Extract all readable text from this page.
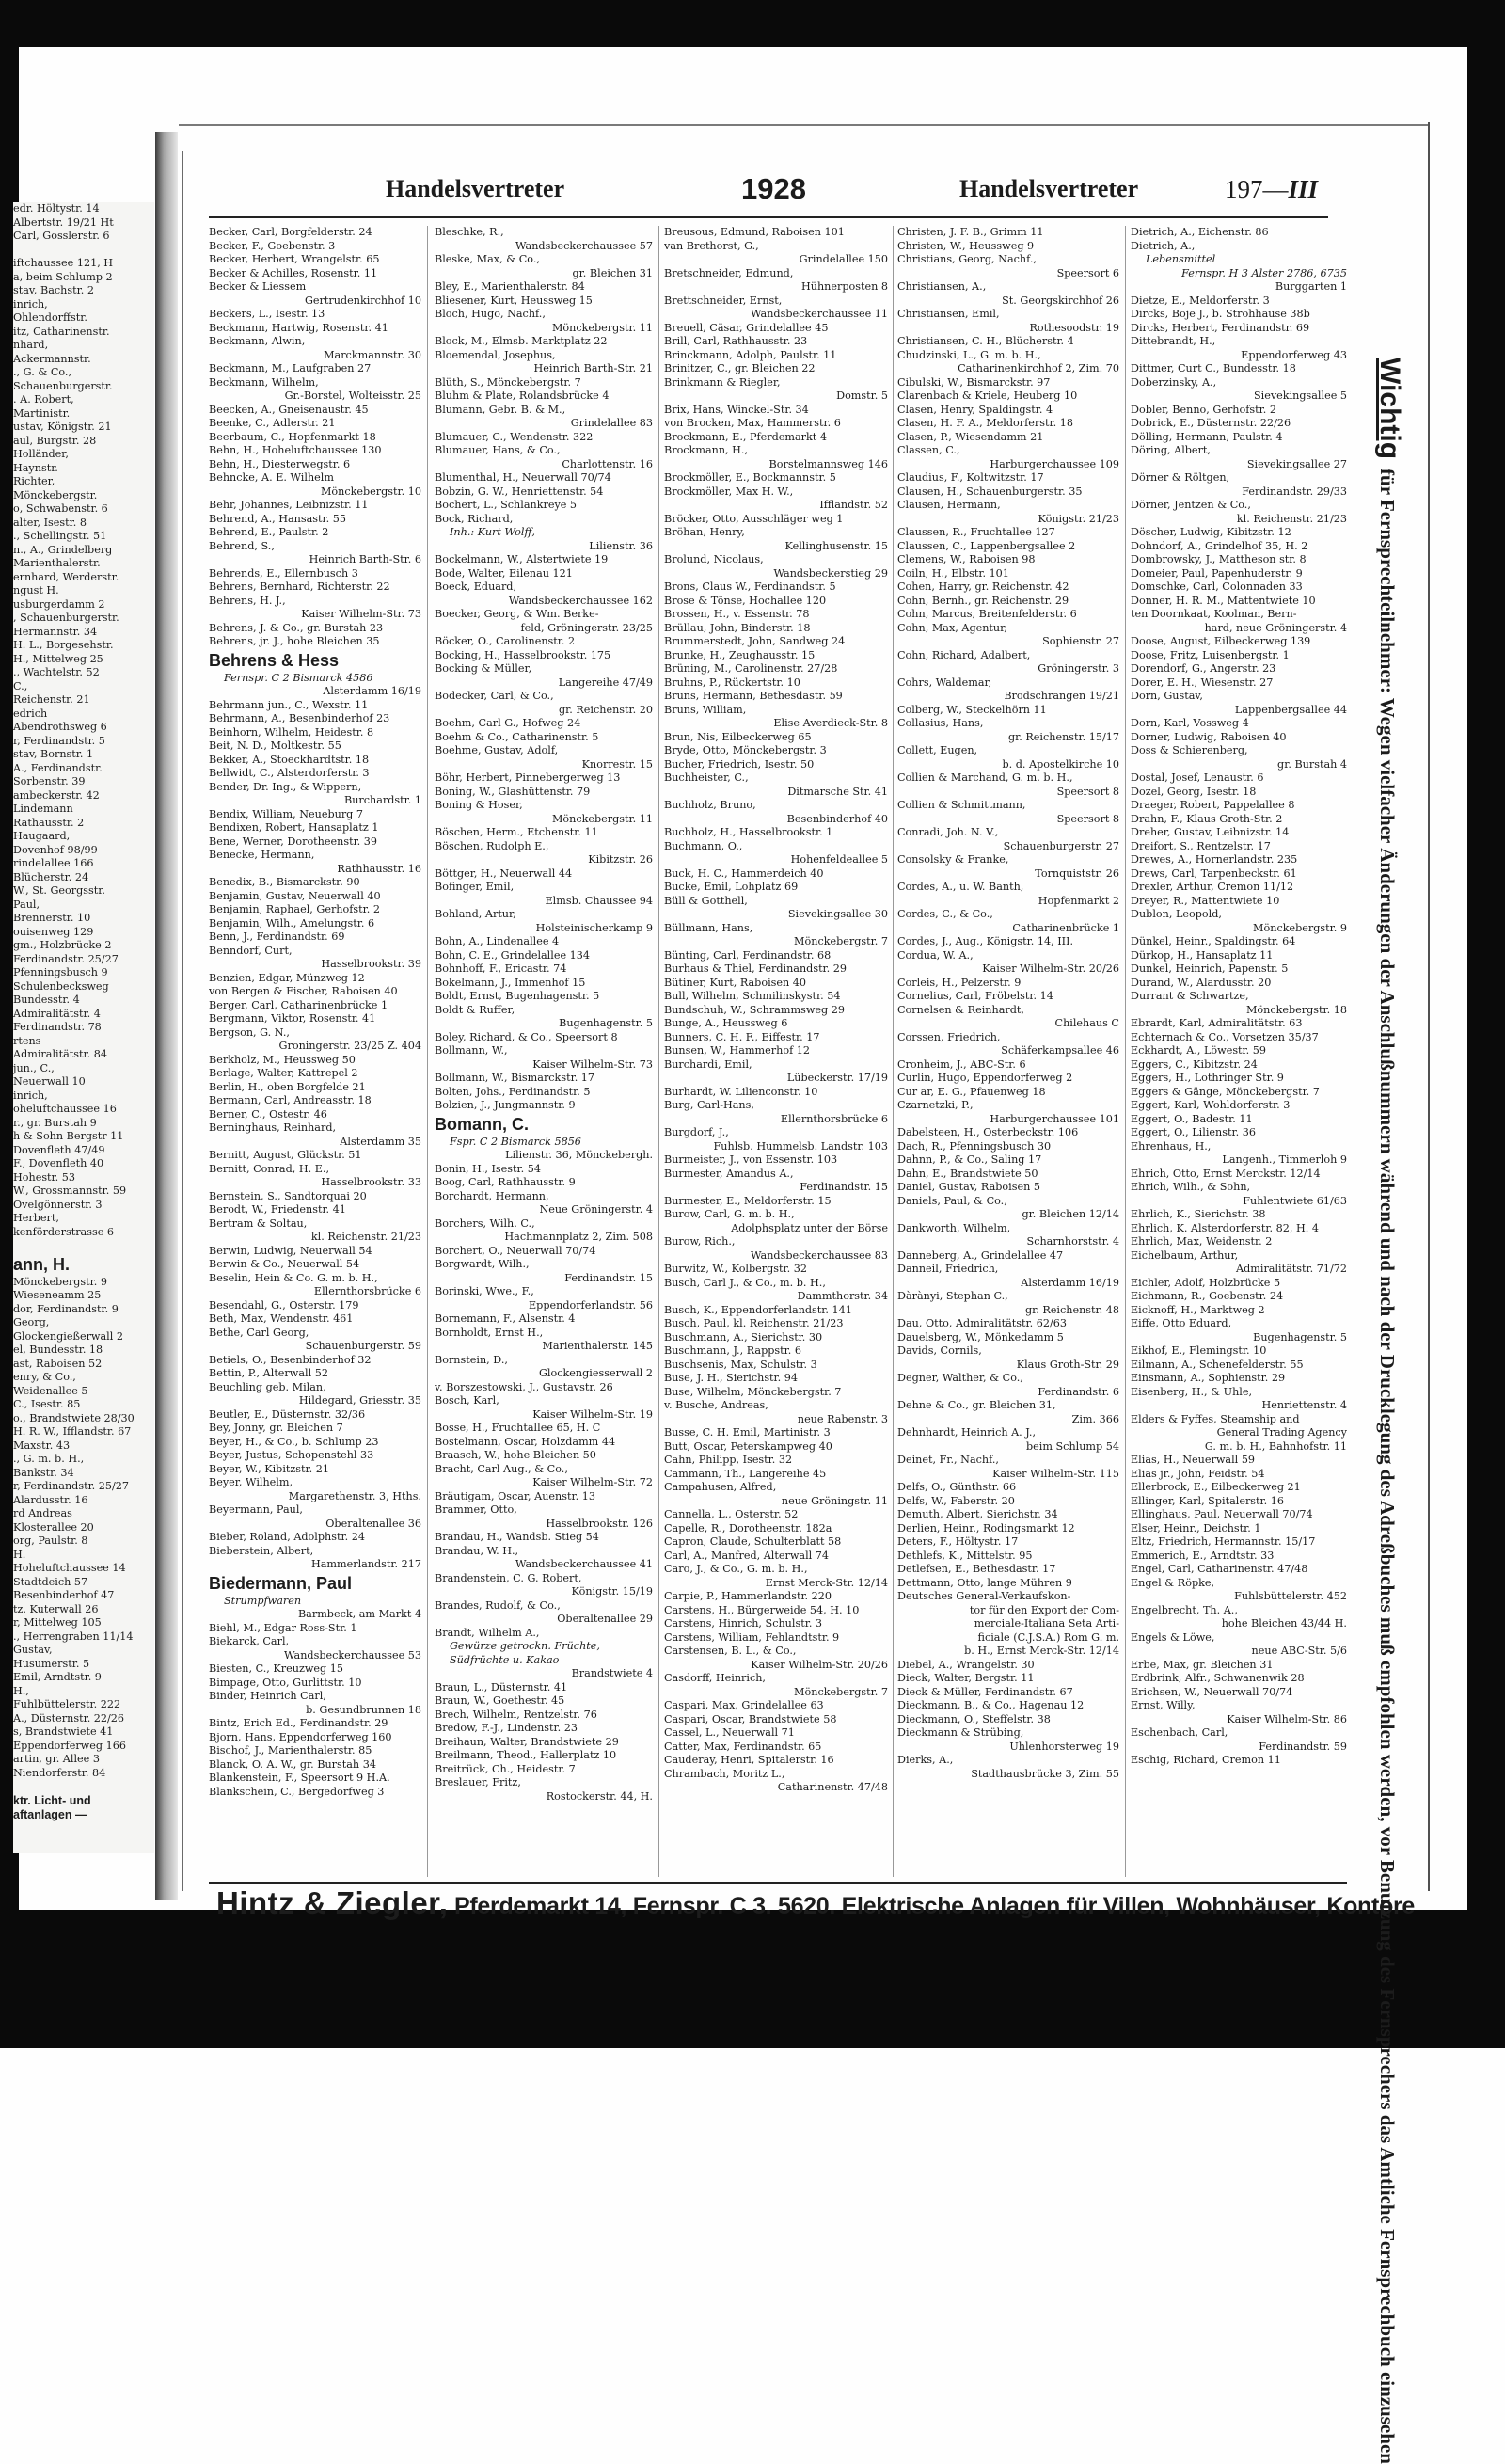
edr. Höltystr. 14
Albertstr. 19/21 Ht
Carl, Gosslerstr. 6

iftchaussee 121, H
a, beim Schlump 2
stav, Bachstr. 2
inrich,
Ohlendorffstr.
itz, Catharinenstr.
nhard,
Ackermannstr.
., G. & Co.,
Schauenburgerstr.
. A. Robert,
Martinistr.
ustav, Königstr. 21
aul, Burgstr. 28
Holländer,
Haynstr.
Richter,
Mönckebergstr.
o, Schwabenstr. 6
alter, Isestr. 8
., Schellingstr. 51
n., A., Grindelberg
Marienthalerstr.
ernhard, Werderstr.
ngust H.
usburgerdamm 2
, Schauenburgerstr.
Hermannstr. 34
H. L., Borgesehstr.
H., Mittelweg 25
., Wachtelstr. 52
C.,
Reichenstr. 21
edrich
Abendrothsweg 6
r, Ferdinandstr. 5
stav, Bornstr. 1
A., Ferdinandstr.
Sorbenstr. 39
ambeckerstr. 42
Lindemann
Rathausstr. 2
Haugaard,
Dovenhof 98/99
rindelallee 166
Blücherstr. 24
W., St. Georgsstr.
Paul,
Brennerstr. 10
ouisenweg 129
gm., Holzbrücke 2
Ferdinandstr. 25/27
Pfenningsbusch 9
Schulenbecksweg
Bundesstr. 4
Admiralitätstr. 4
Ferdinandstr. 78
rtens
Admiralitätstr. 84
jun., C.,
Neuerwall 10
inrich,
oheluftchaussee 16
r., gr. Burstah 9
h & Sohn Bergstr 11
Dovenfleth 47/49
F., Dovenfleth 40
Hohestr. 53
W., Grossmannstr. 59
Ovelgönnerstr. 3
Herbert,
kenförderstrasse 6

ann, H.
Mönckebergstr. 9
Wieseneamm 25
dor, Ferdinandstr. 9
Georg,
Glockengießerwall 2
el, Bundesstr. 18
ast, Raboisen 52
enry, & Co.,
Weidenallee 5
C., Isestr. 85
o., Brandstwiete 28/30
H. R. W., Ifflandstr. 67
Maxstr. 43
., G. m. b. H.,
Bankstr. 34
r, Ferdinandstr. 25/27
Alardusstr. 16
rd Andreas
Klosterallee 20
org, Paulstr. 8
H.
Hoheluftchaussee 14
Stadtdeich 57
Besenbinderhof 47
tz. Kuterwall 26
r, Mittelweg 105
., Herrengraben 11/14
Gustav,
Husumerstr. 5
Emil, Arndtstr. 9
H.,
Fuhlbüttelerstr. 222
A., Düsternstr. 22/26
s, Brandstwiete 41
Eppendorferweg 166
artin, gr. Allee 3
Niendorferstr. 84

ktr. Licht- und
aftanlagen —
Handelsvertreter	1928	Handelsvertreter	197—III
Becker, Carl, Borgfelderstr. 24
Becker, F., Goebenstr. 3
Becker, Herbert, Wrangelstr. 65
Becker & Achilles, Rosenstr. 11
Becker & Liessem
Gertrudenkirchhof 10
Beckers, L., Isestr. 13
Beckmann, Hartwig, Rosenstr. 41
Beckmann, Alwin,
Marckmannstr. 30
Beckmann, M., Laufgraben 27
Beckmann, Wilhelm,
Gr.-Borstel, Wolteisstr. 25
Beecken, A., Gneisenaustr. 45
Beenke, C., Adlerstr. 21
Beerbaum, C., Hopfenmarkt 18
Behn, H., Hoheluftchaussee 130
Behn, H., Diesterwegstr. 6
Behncke, A. E. Wilhelm
Mönckebergstr. 10
Behr, Johannes, Leibnizstr. 11
Behrend, A., Hansastr. 55
Behrend, E., Paulstr. 2
Behrend, S.,
Heinrich Barth-Str. 6
Behrends, E., Ellernbusch 3
Behrens, Bernhard, Richterstr. 22
Behrens, H. J.,
Kaiser Wilhelm-Str. 73
Behrens, J. & Co., gr. Burstah 23
Behrens, jr. J., hohe Bleichen 35
Behrens & Hess
Fernspr. C 2 Bismarck 4586
Alsterdamm 16/19
Behrmann jun., C., Wexstr. 11
Behrmann, A., Besenbinderhof 23
Beinhorn, Wilhelm, Heidestr. 8
Beit, N. D., Moltkestr. 55
Bekker, A., Stoeckhardtstr. 18
Bellwidt, C., Alsterdorferstr. 3
Bender, Dr. Ing., & Wippern,
Burchardstr. 1
Bendix, William, Neueburg 7
Bendixen, Robert, Hansaplatz 1
Bene, Werner, Dorotheenstr. 39
Benecke, Hermann,
Rathhausstr. 16
Benedix, B., Bismarckstr. 90
Benjamin, Gustav, Neuerwall 40
Benjamin, Raphael, Gerhofstr. 2
Benjamin, Wilh., Amelungstr. 6
Benn, J., Ferdinandstr. 69
Benndorf, Curt,
Hasselbrookstr. 39
Benzien, Edgar, Münzweg 12
von Bergen & Fischer, Raboisen 40
Berger, Carl, Catharinenbrücke 1
Bergmann, Viktor, Rosenstr. 41
Bergson, G. N.,
Groningerstr. 23/25 Z. 404
Berkholz, M., Heussweg 50
Berlage, Walter, Kattrepel 2
Berlin, H., oben Borgfelde 21
Bermann, Carl, Andreasstr. 18
Berner, C., Ostestr. 46
Berninghaus, Reinhard,
Alsterdamm 35
Bernitt, August, Glückstr. 51
Bernitt, Conrad, H. E.,
Hasselbrookstr. 33
Bernstein, S., Sandtorquai 20
Berodt, W., Friedenstr. 41
Bertram & Soltau,
kl. Reichenstr. 21/23
Berwin, Ludwig, Neuerwall 54
Berwin & Co., Neuerwall 54
Beselin, Hein & Co. G. m. b. H.,
Ellernthorsbrücke 6
Besendahl, G., Osterstr. 179
Beth, Max, Wendenstr. 461
Bethe, Carl Georg,
Schauenburgerstr. 59
Betiels, O., Besenbinderhof 32
Bettin, P., Alterwall 52
Beuchling geb. Milan,
Hildegard, Griesstr. 35
Beutler, E., Düsternstr. 32/36
Bey, Jonny, gr. Bleichen 7
Beyer, H., & Co., b. Schlump 23
Beyer, Justus, Schopenstehl 33
Beyer, W., Kibitzstr. 21
Beyer, Wilhelm,
Margarethenstr. 3, Hths.
Beyermann, Paul,
Oberaltenallee 36
Bieber, Roland, Adolphstr. 24
Bieberstein, Albert,
Hammerlandstr. 217
Biedermann, Paul
Strumpfwaren
Barmbeck, am Markt 4
Biehl, M., Edgar Ross-Str. 1
Biekarck, Carl,
Wandsbeckerchaussee 53
Biesten, C., Kreuzweg 15
Bimpage, Otto, Gurlittstr. 10
Binder, Heinrich Carl,
b. Gesundbrunnen 18
Bintz, Erich Ed., Ferdinandstr. 29
Bjorn, Hans, Eppendorferweg 160
Bischof, J., Marienthalerstr. 85
Blanck, O. A. W., gr. Burstah 34
Blankenstein, F., Speersort 9 H.A.
Blankschein, C., Bergedorfweg 3
Bleschke, R.,
Wandsbeckerchaussee 57
Bleske, Max, & Co.,
gr. Bleichen 31
Bley, E., Marienthalerstr. 84
Bliesener, Kurt, Heussweg 15
Bloch, Hugo, Nachf.,
Mönckebergstr. 11
Block, M., Elmsb. Marktplatz 22
Bloemendal, Josephus,
Heinrich Barth-Str. 21
Blüth, S., Mönckebergstr. 7
Bluhm & Plate, Rolandsbrücke 4
Blumann, Gebr. B. & M.,
Grindelallee 83
Blumauer, C., Wendenstr. 322
Blumauer, Hans, & Co.,
Charlottenstr. 16
Blumenthal, H., Neuerwall 70/74
Bobzin, G. W., Henriettenstr. 54
Bochert, L., Schlankreye 5
Bock, Richard,
Inh.: Kurt Wolff,
Lilienstr. 36
Bockelmann, W., Alstertwiete 19
Bode, Walter, Eilenau 121
Boeck, Eduard,
Wandsbeckerchaussee 162
Boecker, Georg, & Wm. Berke-
feld, Gröningerstr. 23/25
Böcker, O., Carolinenstr. 2
Bocking, H., Hasselbrookstr. 175
Bocking & Müller,
Langereihe 47/49
Bodecker, Carl, & Co.,
gr. Reichenstr. 20
Boehm, Carl G., Hofweg 24
Boehm & Co., Catharinenstr. 5
Boehme, Gustav, Adolf,
Knorrestr. 15
Böhr, Herbert, Pinnebergerweg 13
Boning, W., Glashüttenstr. 79
Boning & Hoser,
Mönckebergstr. 11
Böschen, Herm., Etchenstr. 11
Böschen, Rudolph E.,
Kibitzstr. 26
Böttger, H., Neuerwall 44
Bofinger, Emil,
Elmsb. Chaussee 94
Bohland, Artur,
Holsteinischerkamp 9
Bohn, A., Lindenallee 4
Bohn, C. E., Grindelallee 134
Bohnhoff, F., Ericastr. 74
Bokelmann, J., Immenhof 15
Boldt, Ernst, Bugenhagenstr. 5
Boldt & Ruffer,
Bugenhagenstr. 5
Boley, Richard, & Co., Speersort 8
Bollmann, W.,
Kaiser Wilhelm-Str. 73
Bollmann, W., Bismarckstr. 17
Bolten, Johs., Ferdinandstr. 5
Bolzien, J., Jungmannstr. 9
Bomann, C.
Fspr. C 2 Bismarck 5856
Lilienstr. 36, Mönckebergh.
Bonin, H., Isestr. 54
Boog, Carl, Rathhausstr. 9
Borchardt, Hermann,
Neue Gröningerstr. 4
Borchers, Wilh. C.,
Hachmannplatz 2, Zim. 508
Borchert, O., Neuerwall 70/74
Borgwardt, Wilh.,
Ferdinandstr. 15
Borinski, Wwe., F.,
Eppendorferlandstr. 56
Bornemann, F., Alsenstr. 4
Bornholdt, Ernst H.,
Marienthalerstr. 145
Bornstein, D.,
Glockengiesserwall 2
v. Borszestowski, J., Gustavstr. 26
Bosch, Karl,
Kaiser Wilhelm-Str. 19
Bosse, H., Fruchtallee 65, H. C
Bostelmann, Oscar, Holzdamm 44
Braasch, W., hohe Bleichen 50
Bracht, Carl Aug., & Co.,
Kaiser Wilhelm-Str. 72
Bräutigam, Oscar, Auenstr. 13
Brammer, Otto,
Hasselbrookstr. 126
Brandau, H., Wandsb. Stieg 54
Brandau, W. H.,
Wandsbeckerchaussee 41
Brandenstein, C. G. Robert,
Königstr. 15/19
Brandes, Rudolf, & Co.,
Oberaltenallee 29
Brandt, Wilhelm A.,
Gewürze getrockn. Früchte,
Südfrüchte u. Kakao
Brandstwiete 4
Braun, L., Düsternstr. 41
Braun, W., Goethestr. 45
Brech, Wilhelm, Rentzelstr. 76
Bredow, F.-J., Lindenstr. 23
Breihaun, Walter, Brandstwiete 29
Breilmann, Theod., Hallerplatz 10
Breitrück, Ch., Heidestr. 7
Breslauer, Fritz,
Rostockerstr. 44, H.
Breusous, Edmund, Raboisen 101
van Brethorst, G.,
Grindelallee 150
Bretschneider, Edmund,
Hühnerposten 8
Brettschneider, Ernst,
Wandsbeckerchaussee 11
Breuell, Cäsar, Grindelallee 45
Brill, Carl, Rathhausstr. 23
Brinckmann, Adolph, Paulstr. 11
Brinitzer, C., gr. Bleichen 22
Brinkmann & Riegler,
Domstr. 5
Brix, Hans, Winckel-Str. 34
von Brocken, Max, Hammerstr. 6
Brockmann, E., Pferdemarkt 4
Brockmann, H.,
Borstelmannsweg 146
Brockmöller, E., Bockmannstr. 5
Brockmöller, Max H. W.,
Ifflandstr. 52
Bröcker, Otto, Ausschläger weg 1
Bröhan, Henry,
Kellinghusenstr. 15
Brolund, Nicolaus,
Wandsbeckerstieg 29
Brons, Claus W., Ferdinandstr. 5
Brose & Tönse, Hochallee 120
Brossen, H., v. Essenstr. 78
Brüllau, John, Binderstr. 18
Brummerstedt, John, Sandweg 24
Brunke, H., Zeughausstr. 15
Brüning, M., Carolinenstr. 27/28
Bruhns, P., Rückertstr. 10
Bruns, Hermann, Bethesdastr. 59
Bruns, William,
Elise Averdieck-Str. 8
Brun, Nis, Eilbeckerweg 65
Bryde, Otto, Mönckebergstr. 3
Bucher, Friedrich, Isestr. 50
Buchheister, C.,
Ditmarsche Str. 41
Buchholz, Bruno,
Besenbinderhof 40
Buchholz, H., Hasselbrookstr. 1
Buchmann, O.,
Hohenfeldeallee 5
Buck, H. C., Hammerdeich 40
Bucke, Emil, Lohplatz 69
Büll & Gotthell,
Sievekingsallee 30
Büllmann, Hans,
Mönckebergstr. 7
Bünting, Carl, Ferdinandstr. 68
Burhaus & Thiel, Ferdinandstr. 29
Bütiner, Kurt, Raboisen 40
Bull, Wilhelm, Schmilinskystr. 54
Bundschuh, W., Schrammsweg 29
Bunge, A., Heussweg 6
Bunners, C. H. F., Eiffestr. 17
Bunsen, W., Hammerhof 12
Burchardi, Emil,
Lübeckerstr. 17/19
Burhardt, W. Lilienconstr. 10
Burg, Carl-Hans,
Ellernthorsbrücke 6
Burgdorf, J.,
Fuhlsb. Hummelsb. Landstr. 103
Burmeister, J., von Essenstr. 103
Burmester, Amandus A.,
Ferdinandstr. 15
Burmester, E., Meldorferstr. 15
Burow, Carl, G. m. b. H.,
Adolphsplatz unter der Börse
Burow, Rich.,
Wandsbeckerchaussee 83
Burwitz, W., Kolbergstr. 32
Busch, Carl J., & Co., m. b. H.,
Dammthorstr. 34
Busch, K., Eppendorferlandstr. 141
Busch, Paul, kl. Reichenstr. 21/23
Buschmann, A., Sierichstr. 30
Buschmann, J., Rappstr. 6
Buschsenis, Max, Schulstr. 3
Buse, J. H., Sierichstr. 94
Buse, Wilhelm, Mönckebergstr. 7
v. Busche, Andreas,
neue Rabenstr. 3
Busse, C. H. Emil, Martinistr. 3
Butt, Oscar, Peterskampweg 40
Cahn, Philipp, Isestr. 32
Cammann, Th., Langereihe 45
Campahusen, Alfred,
neue Gröningstr. 11
Cannella, L., Osterstr. 52
Capelle, R., Dorotheenstr. 182a
Capron, Claude, Schulterblatt 58
Carl, A., Manfred, Alterwall 74
Caro, J., & Co., G. m. b. H.,
Ernst Merck-Str. 12/14
Carpie, P., Hammerlandstr. 220
Carstens, H., Bürgerweide 54, H. 10
Carstens, Hinrich, Schulstr. 3
Carstens, William, Fehlandtstr. 9
Carstensen, B. L., & Co.,
Kaiser Wilhelm-Str. 20/26
Casdorff, Heinrich,
Mönckebergstr. 7
Caspari, Max, Grindelallee 63
Caspari, Oscar, Brandstwiete 58
Cassel, L., Neuerwall 71
Catter, Max, Ferdinandstr. 65
Cauderay, Henri, Spitalerstr. 16
Chrambach, Moritz L.,
Catharinenstr. 47/48
Christen, J. F. B., Grimm 11
Christen, W., Heussweg 9
Christians, Georg, Nachf.,
Speersort 6
Christiansen, A.,
St. Georgskirchhof 26
Christiansen, Emil,
Rothesoodstr. 19
Christiansen, C. H., Blücherstr. 4
Chudzinski, L., G. m. b. H.,
Catharinenkirchhof 2, Zim. 70
Cibulski, W., Bismarckstr. 97
Clarenbach & Kriele, Heuberg 10
Clasen, Henry, Spaldingstr. 4
Clasen, H. F. A., Meldorferstr. 18
Clasen, P., Wiesendamm 21
Classen, C.,
Harburgerchaussee 109
Claudius, F., Koltwitzstr. 17
Clausen, H., Schauenburgerstr. 35
Clausen, Hermann,
Königstr. 21/23
Claussen, R., Fruchtallee 127
Claussen, C., Lappenbergsallee 2
Clemens, W., Raboisen 98
Coiln, H., Elbstr. 101
Cohen, Harry, gr. Reichenstr. 42
Cohn, Bernh., gr. Reichenstr. 29
Cohn, Marcus, Breitenfelderstr. 6
Cohn, Max, Agentur,
Sophienstr. 27
Cohn, Richard, Adalbert,
Gröningerstr. 3
Cohrs, Waldemar,
Brodschrangen 19/21
Colberg, W., Steckelhörn 11
Collasius, Hans,
gr. Reichenstr. 15/17
Collett, Eugen,
b. d. Apostelkirche 10
Collien & Marchand, G. m. b. H.,
Speersort 8
Collien & Schmittmann,
Speersort 8
Conradi, Joh. N. V.,
Schauenburgerstr. 27
Consolsky & Franke,
Tornquiststr. 26
Cordes, A., u. W. Banth,
Hopfenmarkt 2
Cordes, C., & Co.,
Catharinenbrücke 1
Cordes, J., Aug., Königstr. 14, III.
Cordua, W. A.,
Kaiser Wilhelm-Str. 20/26
Corleis, H., Pelzerstr. 9
Cornelius, Carl, Fröbelstr. 14
Cornelsen & Reinhardt,
Chilehaus C
Corssen, Friedrich,
Schäferkampsallee 46
Cronheim, J., ABC-Str. 6
Curlin, Hugo, Eppendorferweg 2
Cur ar, E. G., Pfauenweg 18
Czarnetzki, P.,
Harburgerchaussee 101
Dabelsteen, H., Osterbeckstr. 106
Dach, R., Pfenningsbusch 30
Dahnn, P., & Co., Saling 17
Dahn, E., Brandstwiete 50
Daniel, Gustav, Raboisen 5
Daniels, Paul, & Co.,
gr. Bleichen 12/14
Dankworth, Wilhelm,
Scharnhorststr. 4
Danneberg, A., Grindelallee 47
Danneil, Friedrich,
Alsterdamm 16/19
Dàrànyi, Stephan C.,
gr. Reichenstr. 48
Dau, Otto, Admiralitätstr. 62/63
Dauelsberg, W., Mönkedamm 5
Davids, Cornils,
Klaus Groth-Str. 29
Degner, Walther, & Co.,
Ferdinandstr. 6
Dehne & Co., gr. Bleichen 31,
Zim. 366
Dehnhardt, Heinrich A. J.,
beim Schlump 54
Deinet, Fr., Nachf.,
Kaiser Wilhelm-Str. 115
Delfs, O., Günthstr. 66
Delfs, W., Faberstr. 20
Demuth, Albert, Sierichstr. 34
Derlien, Heinr., Rodingsmarkt 12
Deters, F., Höltystr. 17
Dethlefs, K., Mittelstr. 95
Detlefsen, E., Bethesdastr. 17
Dettmann, Otto, lange Mühren 9
Deutsches General-Verkaufskon-
tor für den Export der Com-
merciale-Italiana Seta Arti-
ficiale (C.J.S.A.) Rom G. m.
b. H., Ernst Merck-Str. 12/14
Diebel, A., Wrangelstr. 30
Dieck, Walter, Bergstr. 11
Dieck & Müller, Ferdinandstr. 67
Dieckmann, B., & Co., Hagenau 12
Dieckmann, O., Steffelstr. 38
Dieckmann & Strübing,
Uhlenhorsterweg 19
Dierks, A.,
Stadthausbrücke 3, Zim. 55
Dietrich, A., Eichenstr. 86
Dietrich, A.,
Lebensmittel
Fernspr. H 3 Alster 2786, 6735
Burggarten 1
Dietze, E., Meldorferstr. 3
Dircks, Boje J., b. Strohhause 38b
Dircks, Herbert, Ferdinandstr. 69
Dittebrandt, H.,
Eppendorferweg 43
Dittmer, Curt C., Bundesstr. 18
Doberzinsky, A.,
Sievekingsallee 5
Dobler, Benno, Gerhofstr. 2
Dobrick, E., Düsternstr. 22/26
Dölling, Hermann, Paulstr. 4
Döring, Albert,
Sievekingsallee 27
Dörner & Röltgen,
Ferdinandstr. 29/33
Dörner, Jentzen & Co.,
kl. Reichenstr. 21/23
Döscher, Ludwig, Kibitzstr. 12
Dohndorf, A., Grindelhof 35, H. 2
Dombrowsky, J., Mattheson str. 8
Domeier, Paul, Papenhuderstr. 9
Domschke, Carl, Colonnaden 33
Donner, H. R. M., Mattentwiete 10
ten Doornkaat, Koolman, Bern-
hard, neue Gröningerstr. 4
Doose, August, Eilbeckerweg 139
Doose, Fritz, Luisenbergstr. 1
Dorendorf, G., Angerstr. 23
Dorer, E. H., Wiesenstr. 27
Dorn, Gustav,
Lappenbergsallee 44
Dorn, Karl, Vossweg 4
Dorner, Ludwig, Raboisen 40
Doss & Schierenberg,
gr. Burstah 4
Dostal, Josef, Lenaustr. 6
Dozel, Georg, Isestr. 18
Draeger, Robert, Pappelallee 8
Drahn, F., Klaus Groth-Str. 2
Dreher, Gustav, Leibnizstr. 14
Dreifort, S., Rentzelstr. 17
Drewes, A., Hornerlandstr. 235
Drews, Carl, Tarpenbeckstr. 61
Drexler, Arthur, Cremon 11/12
Dreyer, R., Mattentwiete 10
Dublon, Leopold,
Mönckebergstr. 9
Dünkel, Heinr., Spaldingstr. 64
Dürkop, H., Hansaplatz 11
Dunkel, Heinrich, Papenstr. 5
Durand, W., Alardusstr. 20
Durrant & Schwartze,
Mönckebergstr. 18
Ebrardt, Karl, Admiralitätstr. 63
Echternach & Co., Vorsetzen 35/37
Eckhardt, A., Löwestr. 59
Eggers, C., Kibitzstr. 24
Eggers, H., Lothringer Str. 9
Eggers & Gänge, Mönckebergstr. 7
Eggert, Karl, Wohldorferstr. 3
Eggert, O., Badestr. 11
Eggert, O., Lilienstr. 36
Ehrenhaus, H.,
Langenh., Timmerloh 9
Ehrich, Otto, Ernst Merckstr. 12/14
Ehrich, Wilh., & Sohn,
Fuhlentwiete 61/63
Ehrlich, K., Sierichstr. 38
Ehrlich, K. Alsterdorferstr. 82, H. 4
Ehrlich, Max, Weidenstr. 2
Eichelbaum, Arthur,
Admiralitätstr. 71/72
Eichler, Adolf, Holzbrücke 5
Eichmann, R., Goebenstr. 24
Eicknoff, H., Marktweg 2
Eiffe, Otto Eduard,
Bugenhagenstr. 5
Eikhof, E., Flemingstr. 10
Eilmann, A., Schenefelderstr. 55
Einsmann, A., Sophienstr. 29
Eisenberg, H., & Uhle,
Henriettenstr. 4
Elders & Fyffes, Steamship and
General Trading Agency
G. m. b. H., Bahnhofstr. 11
Elias, H., Neuerwall 59
Elias jr., John, Feidstr. 54
Ellerbrock, E., Eilbeckerweg 21
Ellinger, Karl, Spitalerstr. 16
Ellinghaus, Paul, Neuerwall 70/74
Elser, Heinr., Deichstr. 1
Eltz, Friedrich, Hermannstr. 15/17
Emmerich, E., Arndtstr. 33
Engel, Carl, Catharinenstr. 47/48
Engel & Röpke,
Fuhlsbüttelerstr. 452
Engelbrecht, Th. A.,
hohe Bleichen 43/44 H.
Engels & Löwe,
neue ABC-Str. 5/6
Erbe, Max, gr. Bleichen 31
Erdbrink, Alfr., Schwanenwik 28
Erichsen, W., Neuerwall 70/74
Ernst, Willy,
Kaiser Wilhelm-Str. 86
Eschenbach, Carl,
Ferdinandstr. 59
Eschig, Richard, Cremon 11
Wichtigfür Fernsprechteilnehmer: Wegen vielfacher Änderungen der Anschlußnummern während und nach der Drucklegung des Adreßbuches muß empfohlen werden, vor Benutzung des Fernsprechers das Amtliche Fernsprechbuch einzusehen
Hintz & Ziegler, Pferdemarkt 14, Fernspr. C 3. 5620. Elektrische Anlagen für Villen, Wohnhäuser, Kontore
